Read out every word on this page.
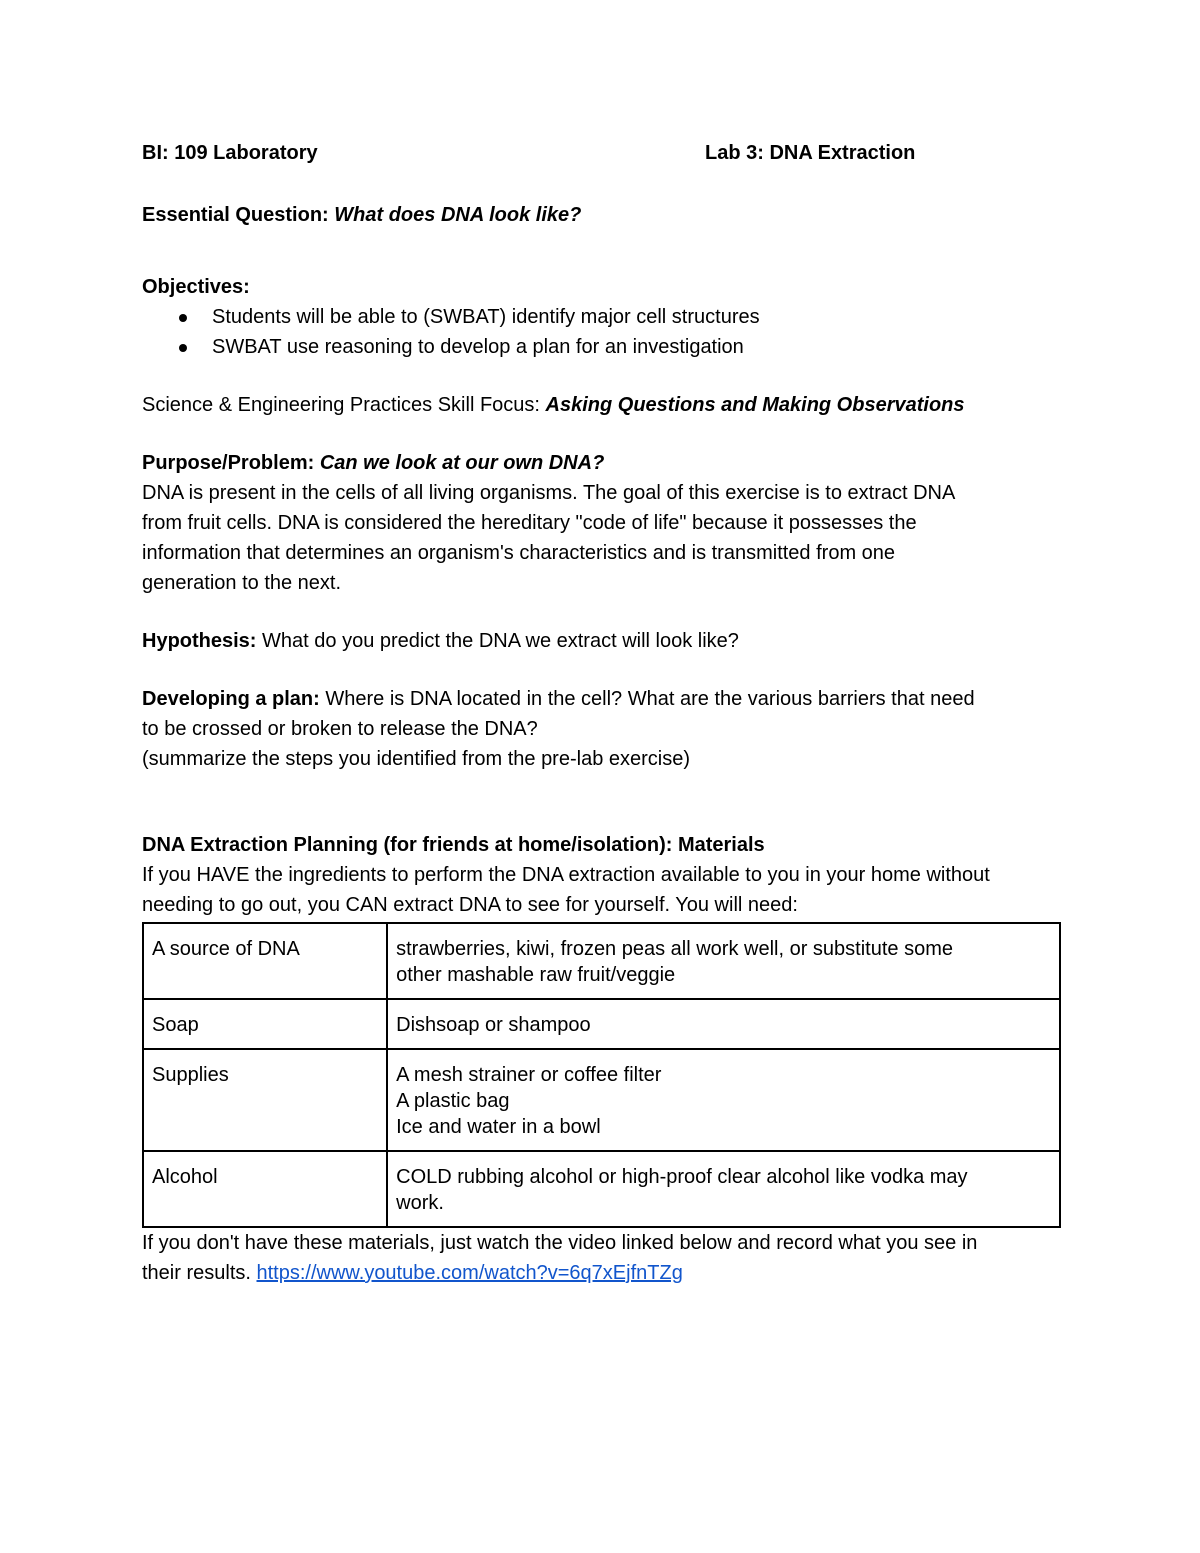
BI: 109 Laboratory	Lab 3: DNA Extraction

Essential Question: What does DNA look like?

Objectives:

Students will be able to (SWBAT) identify major cell structures
SWBAT use reasoning to develop a plan for an investigation

Science & Engineering Practices Skill Focus: Asking Questions and Making Observations

Purpose/Problem: Can we look at our own DNA?

DNA is present in the cells of all living organisms. The goal of this exercise is to extract DNA

from fruit cells. DNA is considered the hereditary "code of life" because it possesses the

information that determines an organism's characteristics and is transmitted from one

generation to the next.

Hypothesis: What do you predict the DNA we extract will look like?

Developing a plan: Where is DNA located in the cell? What are the various barriers that need

to be crossed or broken to release the DNA?

(summarize the steps you identified from the pre-lab exercise)

DNA Extraction Planning (for friends at home/isolation): Materials

If you HAVE the ingredients to perform the DNA extraction available to you in your home without

needing to go out, you CAN extract DNA to see for yourself. You will need:

A source of DNA	strawberries, kiwi, frozen peas all work well, or substitute some
other mashable raw fruit/veggie

Soap	Dishsoap or shampoo

Supplies	A mesh strainer or coffee filter
A plastic bag
Ice and water in a bowl

Alcohol	COLD rubbing alcohol or high-proof clear alcohol like vodka may
work.

If you don't have these materials, just watch the video linked below and record what you see in

their results. https://www.youtube.com/watch?v=6q7xEjfnTZg
